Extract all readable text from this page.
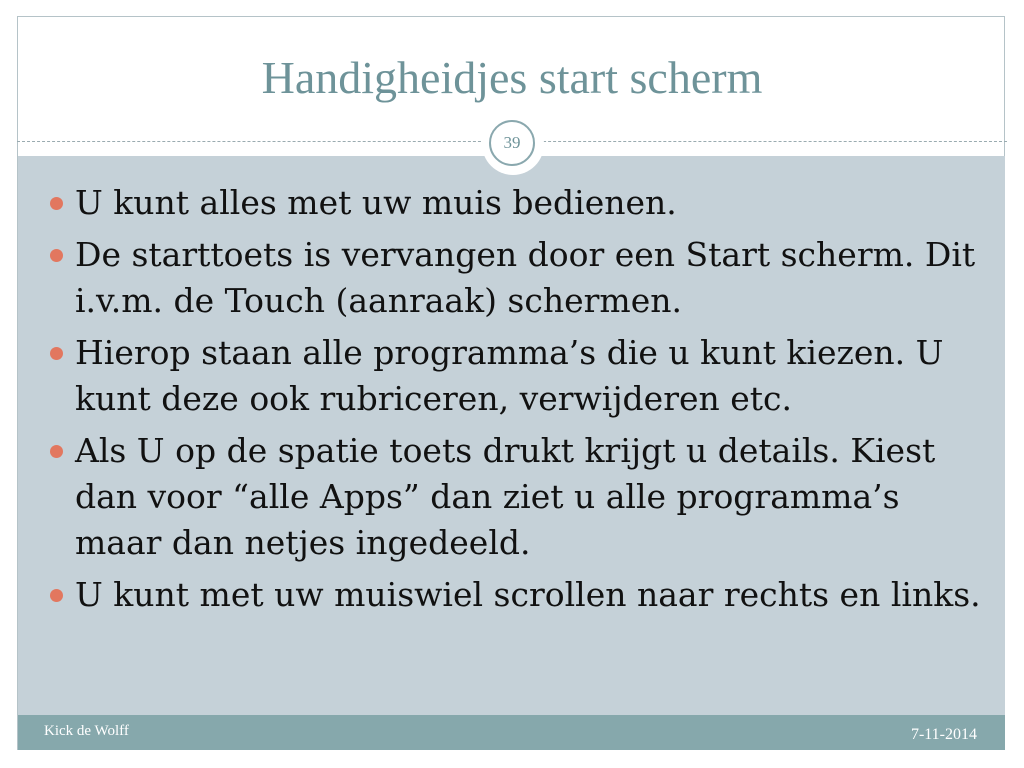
Handigheidjes start scherm
39
U kunt alles met uw muis bedienen.
De starttoets is vervangen door een Start scherm. Dit i.v.m. de Touch (aanraak) schermen.
Hierop staan alle programma’s die u kunt kiezen. U kunt deze ook rubriceren, verwijderen etc.
Als U op de spatie toets drukt krijgt u details. Kiest dan voor “alle Apps” dan ziet u alle programma’s maar dan netjes ingedeeld.
U kunt met uw muiswiel scrollen naar rechts en links.
Kick de Wolff	7-11-2014
